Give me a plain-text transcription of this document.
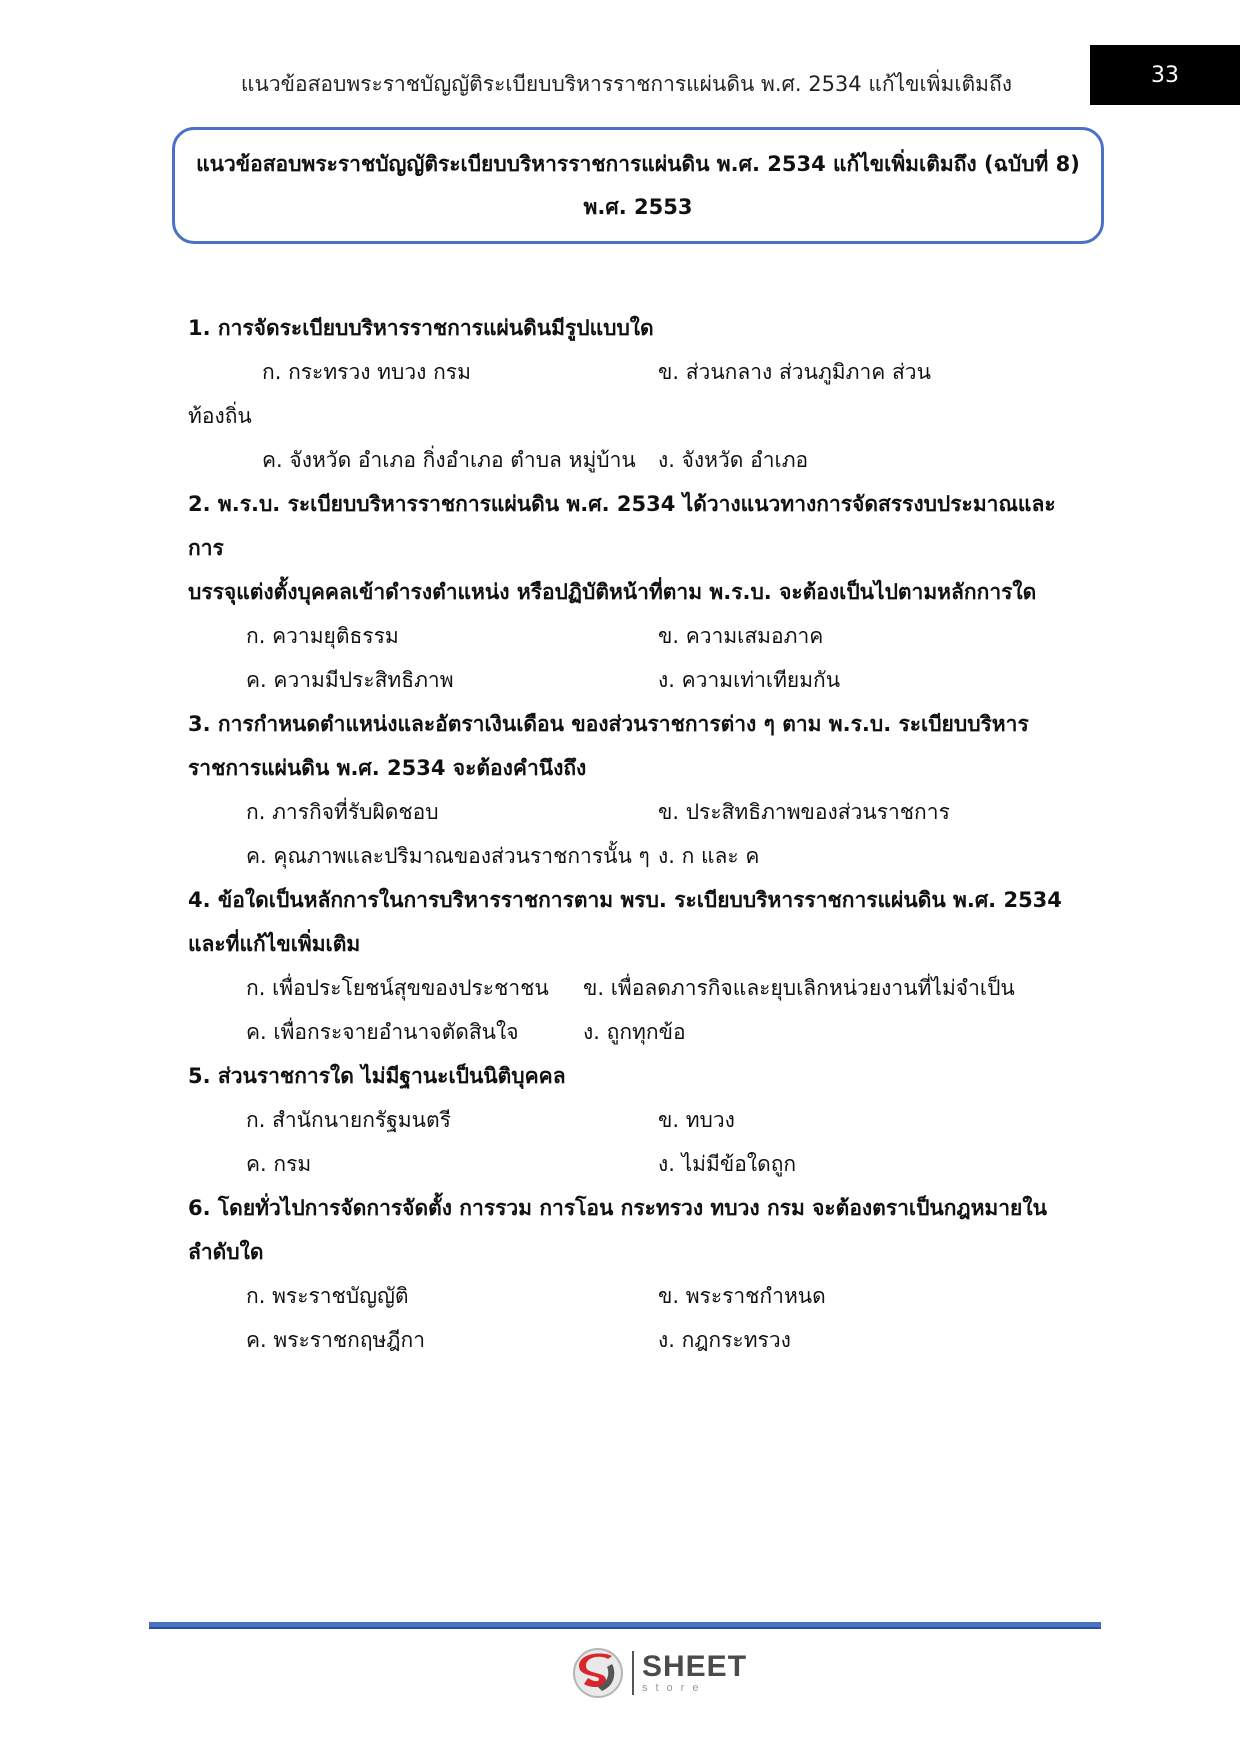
แนวข้อสอบพระราชบัญญัติระเบียบบริหารราชการแผ่นดิน พ.ศ. 2534 แก้ไขเพิ่มเติมถึง	33
แนวข้อสอบพระราชบัญญัติระเบียบบริหารราชการแผ่นดิน พ.ศ. 2534 แก้ไขเพิ่มเติมถึง (ฉบับที่ 8)
พ.ศ. 2553
1. การจัดระเบียบบริหารราชการแผ่นดินมีรูปแบบใด
ก. กระทรวง ทบวง กรม	ข. ส่วนกลาง ส่วนภูมิภาค ส่วน
ท้องถิ่น
ค. จังหวัด อำเภอ กิ่งอำเภอ ตำบล หมู่บ้าน	ง. จังหวัด อำเภอ
2. พ.ร.บ. ระเบียบบริหารราชการแผ่นดิน พ.ศ. 2534 ได้วางแนวทางการจัดสรรงบประมาณและการ
บรรจุแต่งตั้งบุคคลเข้าดำรงตำแหน่ง หรือปฏิบัติหน้าที่ตาม พ.ร.บ. จะต้องเป็นไปตามหลักการใด
ก. ความยุติธรรม	ข. ความเสมอภาค
ค. ความมีประสิทธิภาพ	ง. ความเท่าเทียมกัน
3. การกำหนดตำแหน่งและอัตราเงินเดือน ของส่วนราชการต่าง ๆ ตาม พ.ร.บ. ระเบียบบริหาร
ราชการแผ่นดิน พ.ศ. 2534 จะต้องคำนึงถึง
ก. ภารกิจที่รับผิดชอบ	ข. ประสิทธิภาพของส่วนราชการ
ค. คุณภาพและปริมาณของส่วนราชการนั้น ๆ ง. ก และ ค
4. ข้อใดเป็นหลักการในการบริหารราชการตาม พรบ. ระเบียบบริหารราชการแผ่นดิน พ.ศ. 2534
และที่แก้ไขเพิ่มเติม
ก. เพื่อประโยชน์สุขของประชาชน	ข. เพื่อลดภารกิจและยุบเลิกหน่วยงานที่ไม่จำเป็น
ค. เพื่อกระจายอำนาจตัดสินใจ	ง. ถูกทุกข้อ
5. ส่วนราชการใด ไม่มีฐานะเป็นนิติบุคคล
ก. สำนักนายกรัฐมนตรี	ข. ทบวง
ค. กรม	ง. ไม่มีข้อใดถูก
6. โดยทั่วไปการจัดการจัดตั้ง การรวม การโอน กระทรวง ทบวง กรม จะต้องตราเป็นกฎหมายใน
ลำดับใด
ก. พระราชบัญญัติ	ข. พระราชกำหนด
ค. พระราชกฤษฎีกา	ง. กฎกระทรวง
SHEET
store
